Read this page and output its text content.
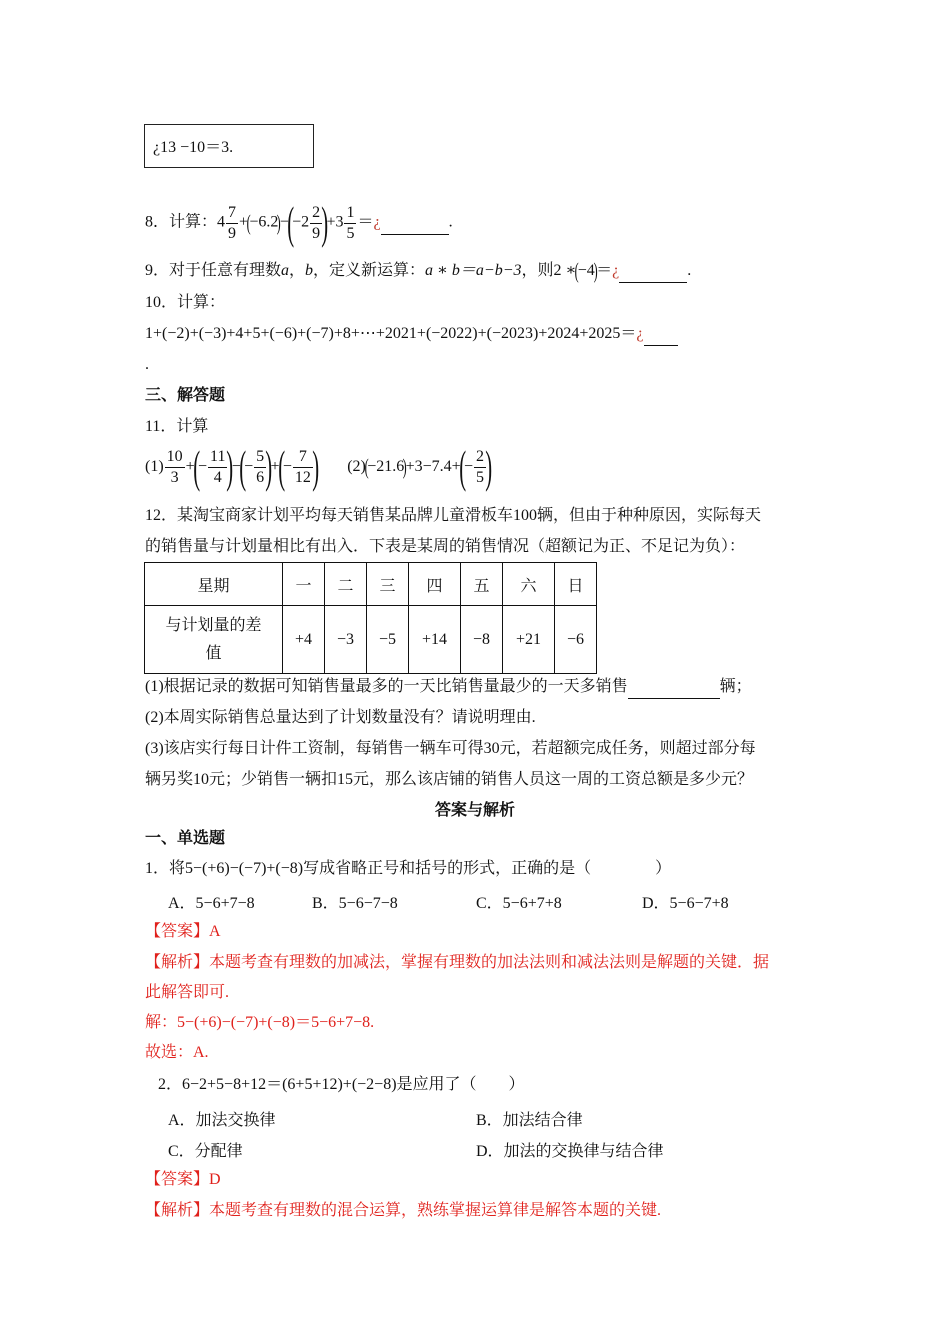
¿13 −10＝3.
8．计算：$4 \frac{7}{9} +(-6.2)-(-2 \frac{2}{9} )+3 \frac{1}{5}$ ＝¿	.
9．对于任意有理数a，b，定义新运算：a ∗ b＝a−b−3，则2 ∗(−4)＝¿	.
10．计算：
1+(−2)+(−3)+4+5+(−6)+(−7)+8+⋯+2021+(−2022)+(−2023)+2024+2025＝¿
.
三、解答题
11．计算
$(1) \frac{10}{3}$ +(− $\frac{11}{4}$ )−(− $\frac{5}{6}$ )+(− $\frac{7}{12}$ ) $(2)(-21.6)+3-7.4+(- \frac{2}{5}$ )
12．某淘宝商家计划平均每天销售某品牌儿童滑板车100辆，但由于种种原因，实际每天
的销售量与计划量相比有出入．下表是某周的销售情况（超额记为正、不足记为负）：
星期	一	二	三	四	五	六	日
与计划量的差
值	+4	−3	−5	+14	−8	+21	−6
(1)根据记录的数据可知销售量最多的一天比销售量最少的一天多销售	辆；
(2)本周实际销售总量达到了计划数量没有？请说明理由.
(3)该店实行每日计件工资制，每销售一辆车可得30元，若超额完成任务，则超过部分每
辆另奖10元；少销售一辆扣15元，那么该店铺的销售人员这一周的工资总额是多少元？
答案与解析
一、单选题
1．将5−(+6)−(−7)+(−8)写成省略正号和括号的形式，正确的是（　　　　）
A．5−6+7−8	B．5−6−7−8	C．5−6+7+8	D．5−6−7+8
【答案】A
【解析】本题考查有理数的加减法，掌握有理数的加法法则和减法法则是解题的关键．据
此解答即可.
解：5−(+6)−(−7)+(−8)＝5−6+7−8.
故选：A.
2．6−2+5−8+12＝(6+5+12)+(−2−8)是应用了（　　）
A．加法交换律	B．加法结合律
C．分配律	D．加法的交换律与结合律
【答案】D
【解析】本题考查有理数的混合运算，熟练掌握运算律是解答本题的关键.
